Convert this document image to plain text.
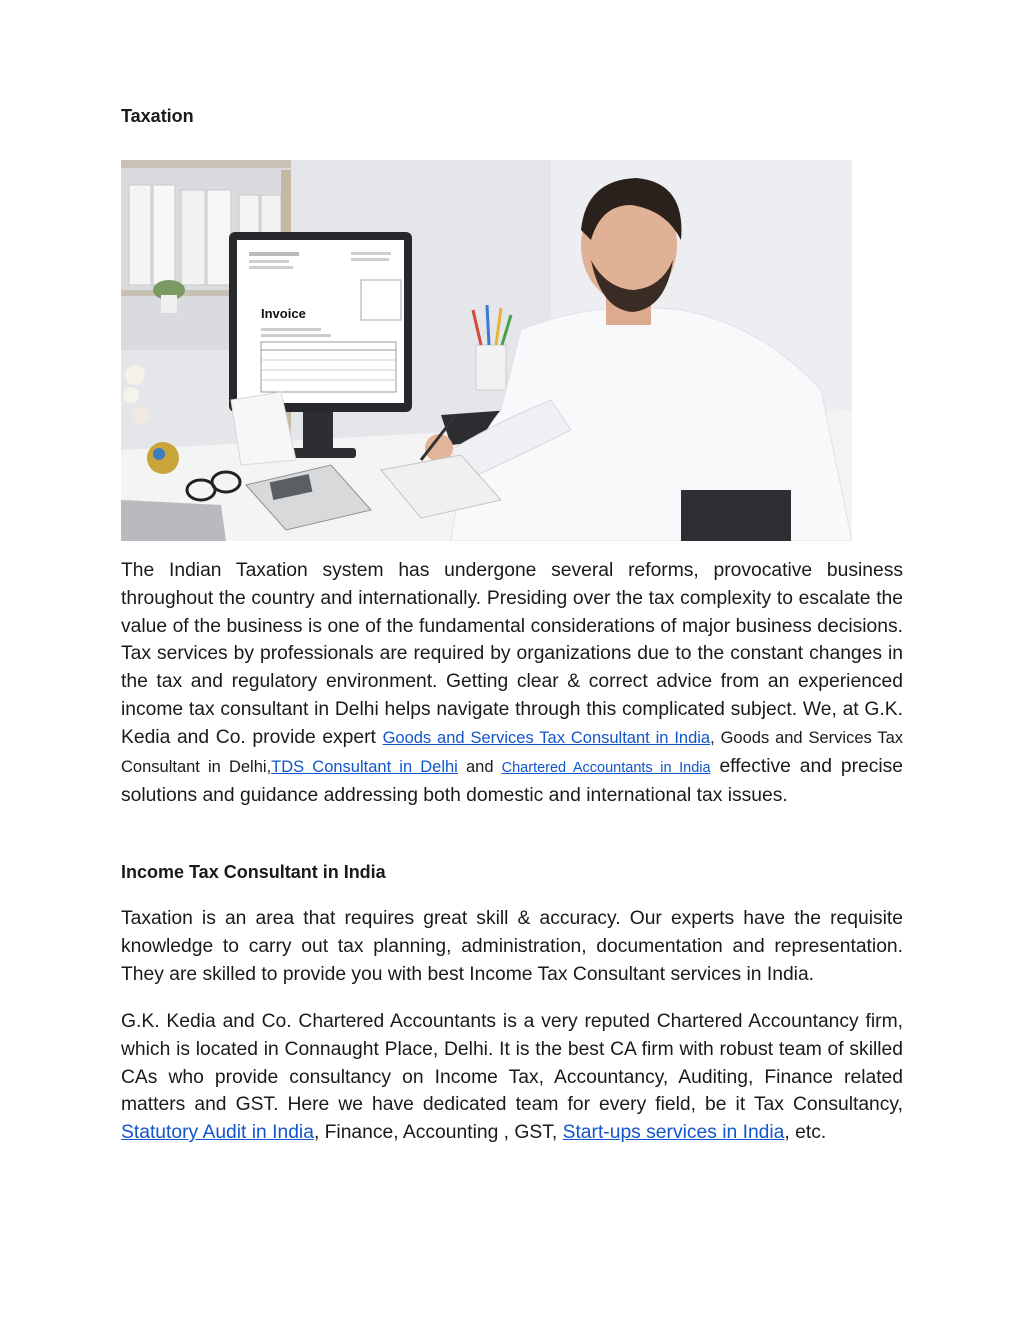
Taxation
Invoice

The Indian Taxation system has undergone several reforms, provocative business throughout the country and internationally. Presiding over the tax complexity to escalate the value of the business is one of the fundamental considerations of major business decisions. Tax services by professionals are required by organizations due to the constant changes in the tax and regulatory environment. Getting clear & correct advice from an experienced income tax consultant in Delhi helps navigate through this complicated subject. We, at G.K. Kedia and Co. provide expert Goods and Services Tax Consultant in India, Goods and Services Tax Consultant in Delhi,TDS Consultant in Delhi and Chartered Accountants in India effective and precise solutions and guidance addressing both domestic and international tax issues.

Income Tax Consultant in India

Taxation is an area that requires great skill & accuracy. Our experts have the requisite knowledge to carry out tax planning, administration, documentation and representation. They are skilled to provide you with best Income Tax Consultant services in India.

G.K. Kedia and Co. Chartered Accountants is a very reputed Chartered Accountancy firm, which is located in Connaught Place, Delhi. It is the best CA firm with robust team of skilled CAs who provide consultancy on Income Tax, Accountancy, Auditing, Finance related matters and GST. Here we have dedicated team for every field, be it Tax Consultancy, Statutory Audit in India, Finance, Accounting , GST, Start-ups services in India, etc.
